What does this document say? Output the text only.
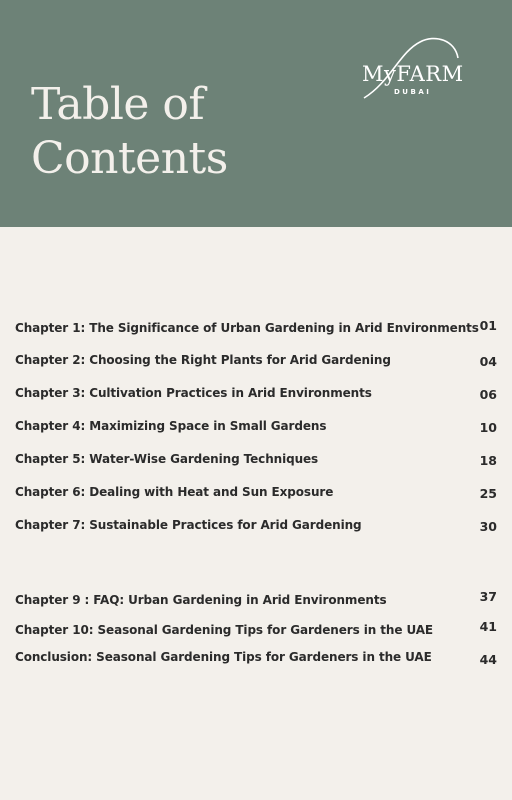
Table of
Contents
MyFARM
DUBAI
Chapter 1: The Significance of Urban Gardening in Arid Environments 01
Chapter 2: Choosing the Right Plants for Arid Gardening	04
Chapter 3: Cultivation Practices in Arid Environments	06
Chapter 4: Maximizing Space in Small Gardens	10
Chapter 5: Water-Wise Gardening Techniques	18
Chapter 6: Dealing with Heat and Sun Exposure	25
Chapter 7: Sustainable Practices for Arid Gardening	30
Chapter 9 : FAQ: Urban Gardening in Arid Environments	37
Chapter 10: Seasonal Gardening Tips for Gardeners in the UAE	41
Conclusion: Seasonal Gardening Tips for Gardeners in the UAE	44
